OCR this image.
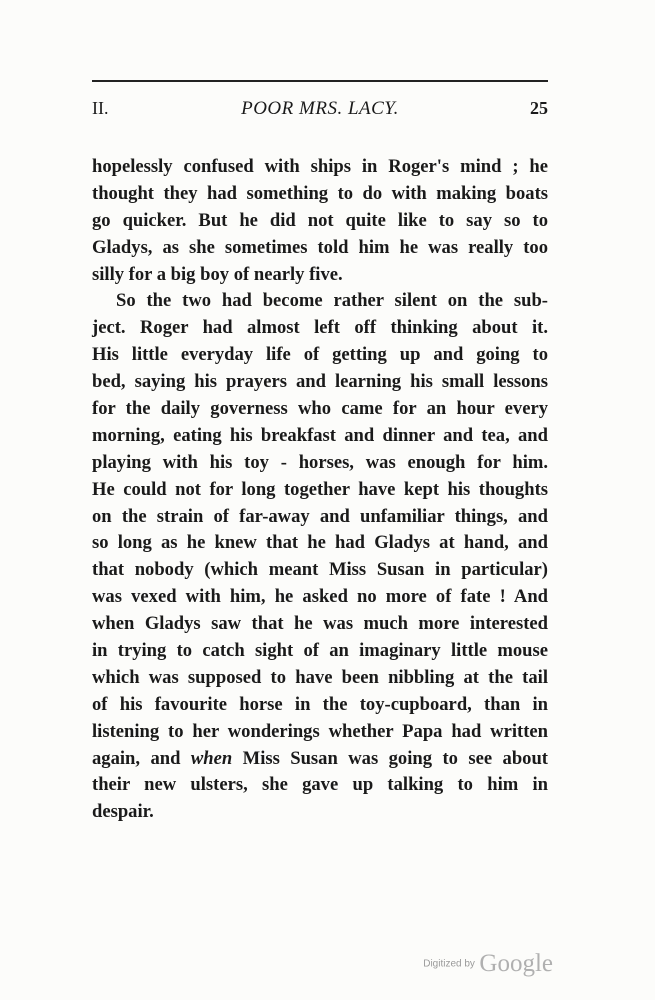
II.	POOR MRS. LACY.	25
hopelessly confused with ships in Roger's mind ; he
thought they had something to do with making boats
go quicker. But he did not quite like to say so to
Gladys, as she sometimes told him he was really too
silly for a big boy of nearly five.
So the two had become rather silent on the sub-
ject. Roger had almost left off thinking about it.
His little everyday life of getting up and going to
bed, saying his prayers and learning his small lessons
for the daily governess who came for an hour every
morning, eating his breakfast and dinner and tea, and
playing with his toy - horses, was enough for him.
He could not for long together have kept his thoughts
on the strain of far-away and unfamiliar things, and
so long as he knew that he had Gladys at hand, and
that nobody (which meant Miss Susan in particular)
was vexed with him, he asked no more of fate ! And
when Gladys saw that he was much more interested
in trying to catch sight of an imaginary little mouse
which was supposed to have been nibbling at the tail
of his favourite horse in the toy-cupboard, than in
listening to her wonderings whether Papa had written
again, and when Miss Susan was going to see about
their new ulsters, she gave up talking to him in
despair.
Digitized by Google
